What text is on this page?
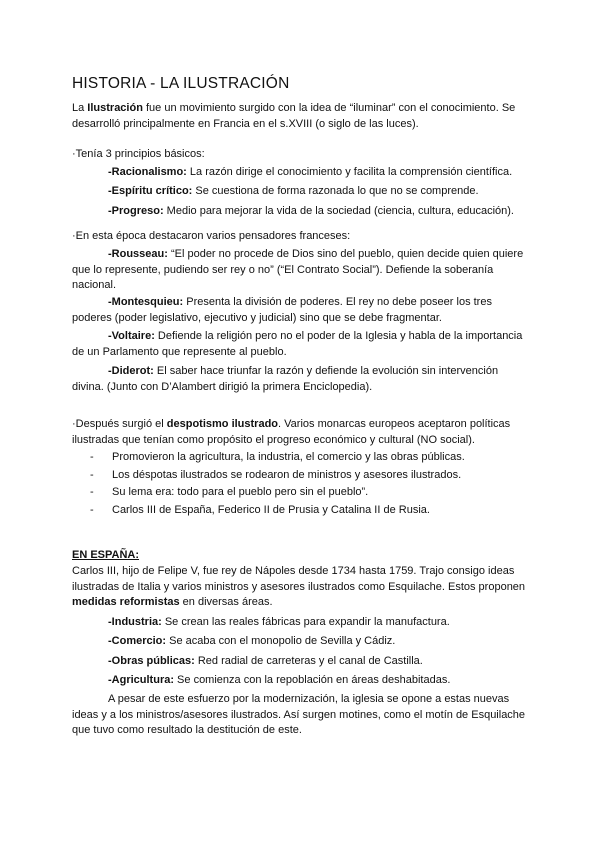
HISTORIA - LA ILUSTRACIÓN

La Ilustración fue un movimiento surgido con la idea de “iluminar” con el conocimiento. Se desarrolló principalmente en Francia en el s.XVIII (o siglo de las luces).

·Tenía 3 principios básicos:

-Racionalismo: La razón dirige el conocimiento y facilita la comprensión científica.

-Espíritu crítico: Se cuestiona de forma razonada lo que no se comprende.

-Progreso: Medio para mejorar la vida de la sociedad (ciencia, cultura, educación).

·En esta época destacaron varios pensadores franceses:

-Rousseau: “El poder no procede de Dios sino del pueblo, quien decide quien quiere que lo represente, pudiendo ser rey o no” (“El Contrato Social”). Defiende la soberanía nacional.

-Montesquieu: Presenta la división de poderes. El rey no debe poseer los tres poderes (poder legislativo, ejecutivo y judicial) sino que se debe fragmentar.

-Voltaire: Defiende la religión pero no el poder de la Iglesia y habla de la importancia de un Parlamento que represente al pueblo.

-Diderot: El saber hace triunfar la razón y defiende la evolución sin intervención divina. (Junto con D’Alambert dirigió la primera Enciclopedia).

·Después surgió el despotismo ilustrado. Varios monarcas europeos aceptaron políticas ilustradas que tenían como propósito el progreso económico y cultural (NO social).

-	Promovieron la agricultura, la industria, el comercio y las obras públicas.
-	Los déspotas ilustrados se rodearon de ministros y asesores ilustrados.
-	Su lema era: todo para el pueblo pero sin el pueblo”.
-	Carlos III de España, Federico II de Prusia y Catalina II de Rusia.

EN ESPAÑA:

Carlos III, hijo de Felipe V, fue rey de Nápoles desde 1734 hasta 1759. Trajo consigo ideas ilustradas de Italia y varios ministros y asesores ilustrados como Esquilache. Estos proponen medidas reformistas en diversas áreas.

-Industria: Se crean las reales fábricas para expandir la manufactura.

-Comercio: Se acaba con el monopolio de Sevilla y Cádiz.

-Obras públicas: Red radial de carreteras y el canal de Castilla.

-Agricultura: Se comienza con la repoblación en áreas deshabitadas.

A pesar de este esfuerzo por la modernización, la iglesia se opone a estas nuevas ideas y a los ministros/asesores ilustrados. Así surgen motines, como el motín de Esquilache que tuvo como resultado la destitución de este.
